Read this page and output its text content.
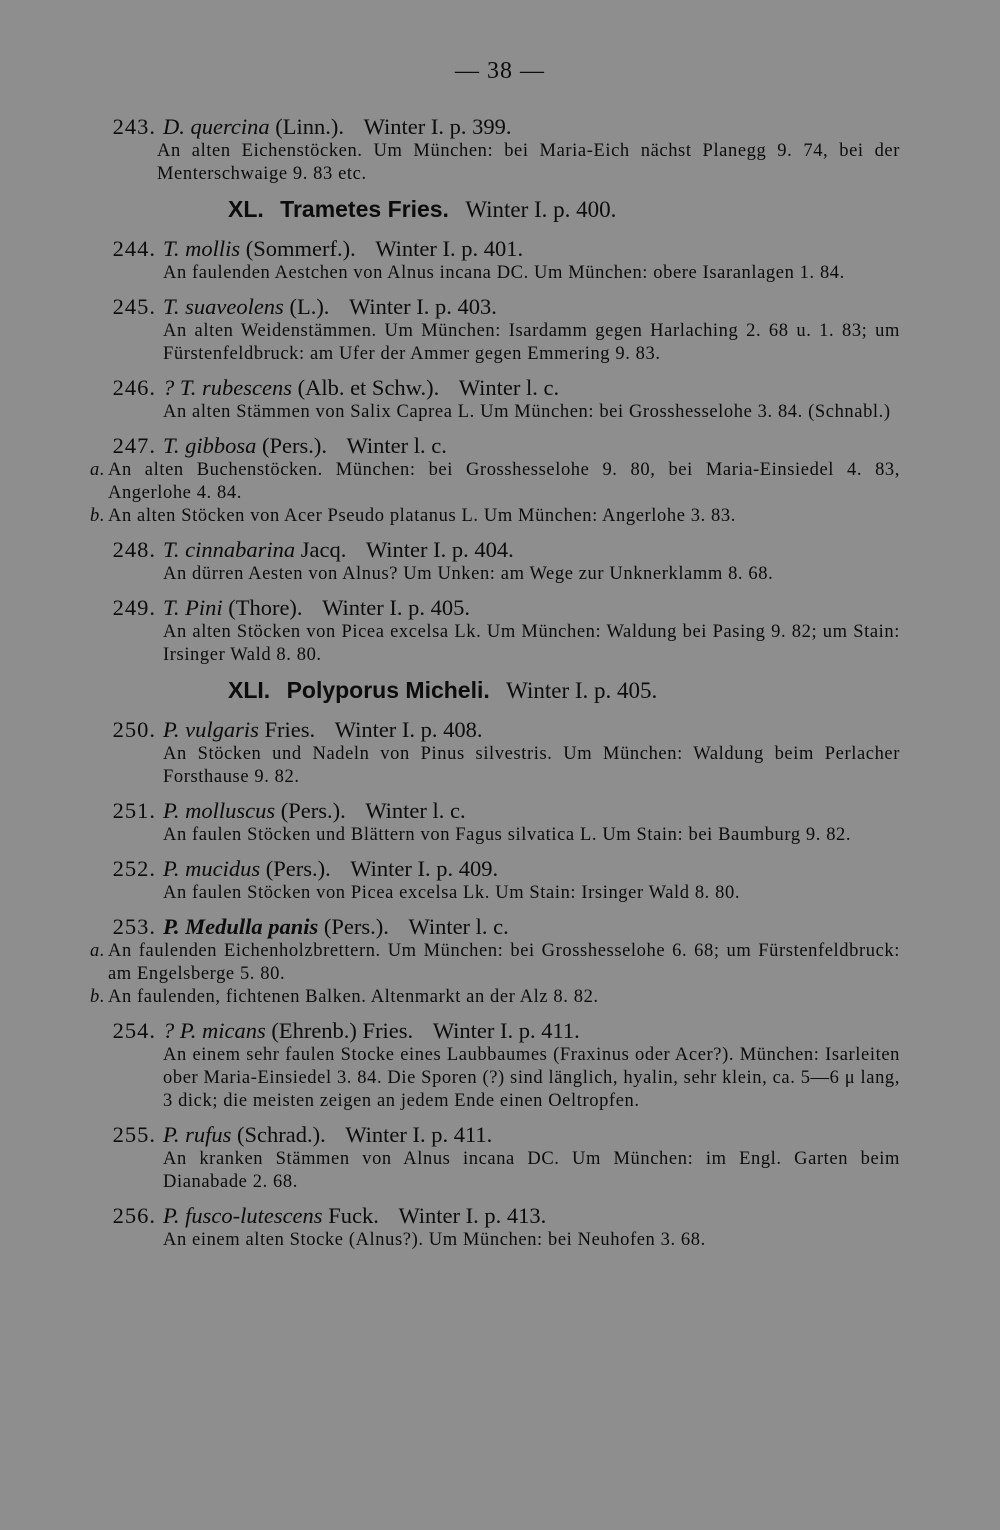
— 38 —
243. D. quercina (Linn.). Winter I. p. 399.
An alten Eichenstöcken. Um München: bei Maria-Eich nächst Planegg 9. 74, bei der Menterschwaige 9. 83 etc.
XL. Trametes Fries. Winter I. p. 400.
244. T. mollis (Sommerf.). Winter I. p. 401.
An faulenden Aestchen von Alnus incana DC. Um München: obere Isaranlagen 1. 84.
245. T. suaveolens (L.). Winter I. p. 403.
An alten Weidenstämmen. Um München: Isardamm gegen Harlaching 2. 68 u. 1. 83; um Fürstenfeldbruck: am Ufer der Ammer gegen Emmering 9. 83.
246. ? T. rubescens (Alb. et Schw.). Winter l. c.
An alten Stämmen von Salix Caprea L. Um München: bei Grosshesselohe 3. 84. (Schnabl.)
247. T. gibbosa (Pers.). Winter l. c.
a. An alten Buchenstöcken. München: bei Grosshesselohe 9. 80, bei Maria-Einsiedel 4. 83, Angerlohe 4. 84.
b. An alten Stöcken von Acer Pseudo platanus L. Um München: Angerlohe 3. 83.
248. T. cinnabarina Jacq. Winter I. p. 404.
An dürren Aesten von Alnus? Um Unken: am Wege zur Unknerklamm 8. 68.
249. T. Pini (Thore). Winter I. p. 405.
An alten Stöcken von Picea excelsa Lk. Um München: Waldung bei Pasing 9. 82; um Stain: Irsinger Wald 8. 80.
XLI. Polyporus Micheli. Winter I. p. 405.
250. P. vulgaris Fries. Winter I. p. 408.
An Stöcken und Nadeln von Pinus silvestris. Um München: Waldung beim Perlacher Forsthause 9. 82.
251. P. molluscus (Pers.). Winter l. c.
An faulen Stöcken und Blättern von Fagus silvatica L. Um Stain: bei Baumburg 9. 82.
252. P. mucidus (Pers.). Winter I. p. 409.
An faulen Stöcken von Picea excelsa Lk. Um Stain: Irsinger Wald 8. 80.
253. P. Medulla panis (Pers.). Winter l. c.
a. An faulenden Eichenholzbrettern. Um München: bei Grosshesselohe 6. 68; um Fürstenfeldbruck: am Engelsberge 5. 80.
b. An faulenden, fichtenen Balken. Altenmarkt an der Alz 8. 82.
254. ? P. micans (Ehrenb.) Fries. Winter I. p. 411.
An einem sehr faulen Stocke eines Laubbaumes (Fraxinus oder Acer?). München: Isarleiten ober Maria-Einsiedel 3. 84. Die Sporen (?) sind länglich, hyalin, sehr klein, ca. 5—6 μ lang, 3 dick; die meisten zeigen an jedem Ende einen Oeltropfen.
255. P. rufus (Schrad.). Winter I. p. 411.
An kranken Stämmen von Alnus incana DC. Um München: im Engl. Garten beim Dianabade 2. 68.
256. P. fusco-lutescens Fuck. Winter I. p. 413.
An einem alten Stocke (Alnus?). Um München: bei Neuhofen 3. 68.
